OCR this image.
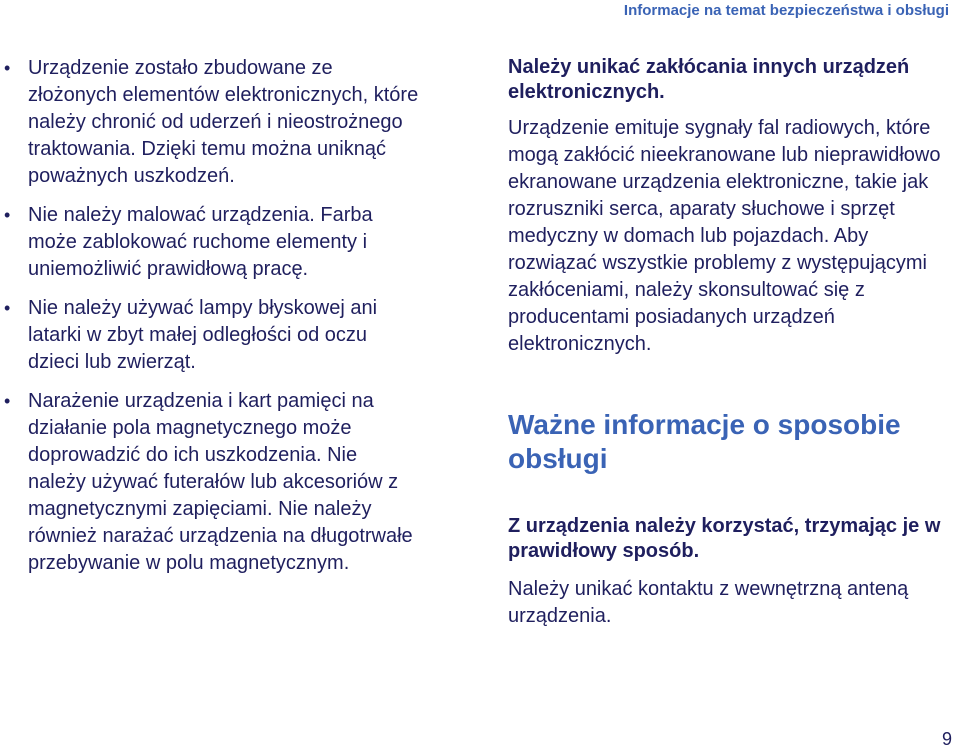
Informacje na temat bezpieczeństwa i obsługi
• Urządzenie zostało zbudowane ze złożonych elementów elektronicznych, które należy chronić od uderzeń i nieostrożnego traktowania. Dzięki temu można uniknąć poważnych uszkodzeń.
• Nie należy malować urządzenia. Farba może zablokować ruchome elementy i uniemożliwić prawidłową pracę.
• Nie należy używać lampy błyskowej ani latarki w zbyt małej odległości od oczu dzieci lub zwierząt.
• Narażenie urządzenia i kart pamięci na działanie pola magnetycznego może doprowadzić do ich uszkodzenia. Nie należy używać futerałów lub akcesoriów z magnetycznymi zapięciami. Nie należy również narażać urządzenia na długotrwałe przebywanie w polu magnetycznym.

Należy unikać zakłócania innych urządzeń elektronicznych.

Urządzenie emituje sygnały fal radiowych, które mogą zakłócić nieekranowane lub nieprawidłowo ekranowane urządzenia elektroniczne, takie jak rozruszniki serca, aparaty słuchowe i sprzęt medyczny w domach lub pojazdach. Aby rozwiązać wszystkie problemy z występującymi zakłóceniami, należy skonsultować się z producentami posiadanych urządzeń elektronicznych.

Ważne informacje o sposobie obsługi

Z urządzenia należy korzystać, trzymając je w prawidłowy sposób.

Należy unikać kontaktu z wewnętrzną anteną urządzenia.

9
